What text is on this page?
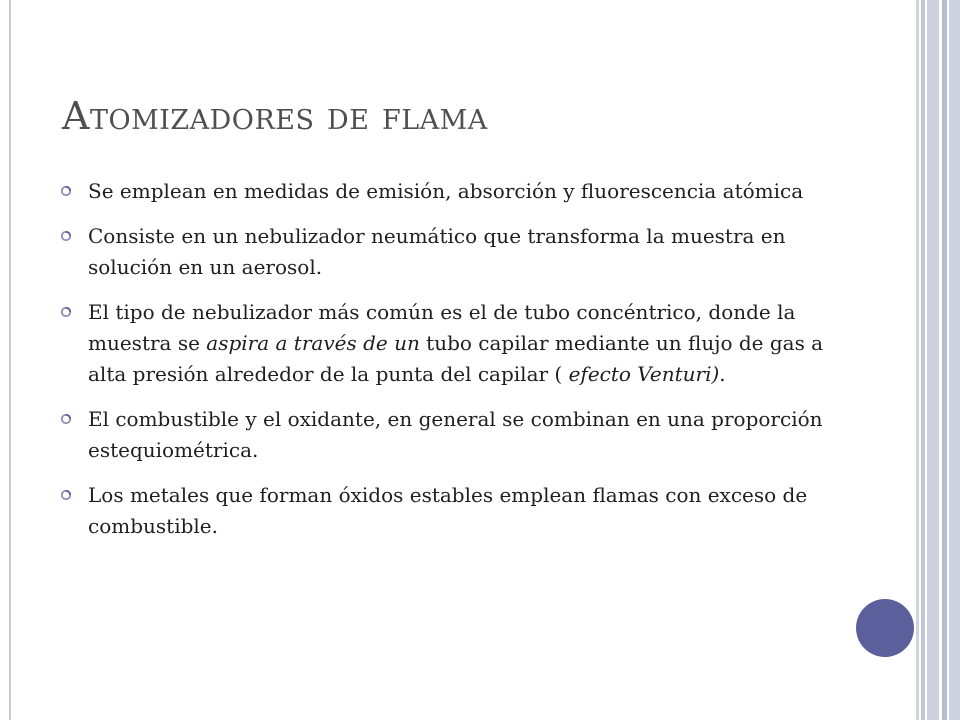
Atomizadores de flama
Se emplean en medidas de emisión, absorción y fluorescencia atómica
Consiste en un nebulizador neumático que transforma la muestra en solución en un aerosol.
El tipo de nebulizador más común es el de tubo concéntrico, donde la muestra se aspira a través de un tubo capilar mediante un flujo de gas a alta presión alrededor de la punta del capilar ( efecto Venturi).
El combustible y el oxidante, en general se combinan en una proporción estequiométrica.
Los metales que forman óxidos estables emplean flamas con exceso de combustible.
